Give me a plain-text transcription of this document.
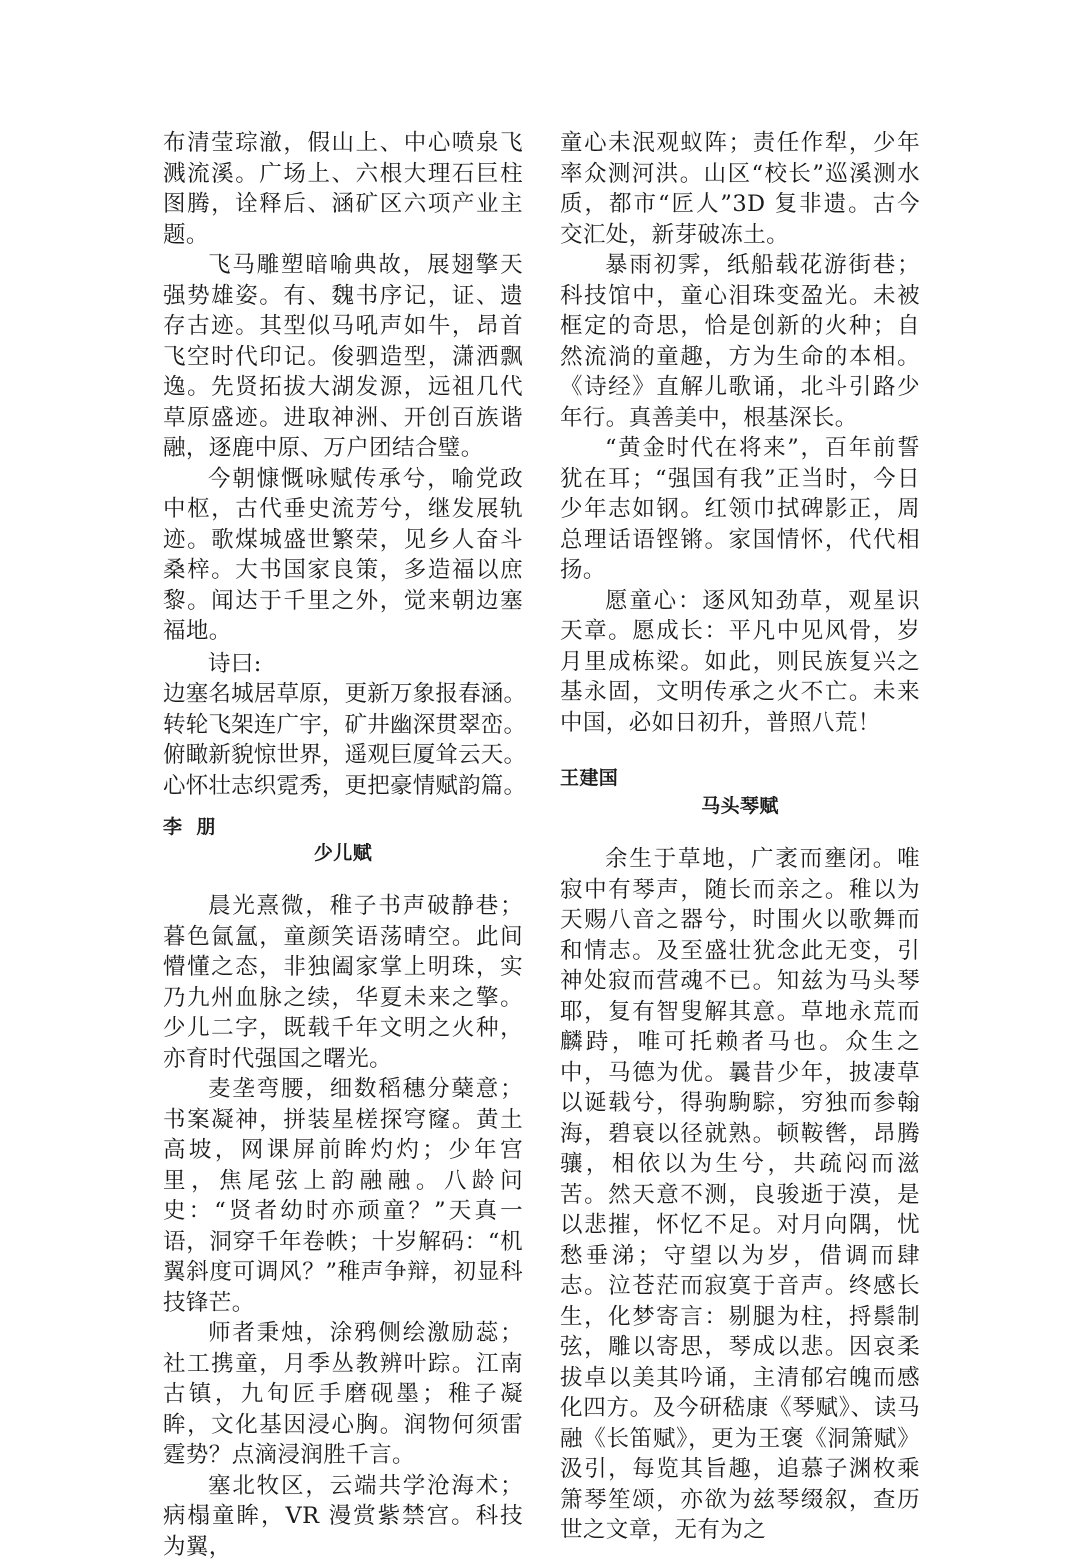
布清莹琮澈，假山上、中心喷泉飞溅流溪。广场上、六根大理石巨柱图腾，诠释后、涵矿区六项产业主题。

飞马雕塑暗喻典故，展翅擎天强势雄姿。有、魏书序记，证、遗存古迹。其型似马吼声如牛，昂首飞空时代印记。俊驷造型，潇洒飘逸。先贤拓拔大湖发源，远祖几代草原盛迹。进取神洲、开创百族谐融，逐鹿中原、万户团结合璧。

今朝慷慨咏赋传承兮，喻党政中枢，古代垂史流芳兮，继发展轨迹。歌煤城盛世繁荣，见乡人奋斗桑梓。大书国家良策，多造福以庶黎。闻达于千里之外，觉来朝边塞福地。

诗曰:

边塞名城居草原，更新万象报春涵。
转轮飞架连广宇，矿井幽深贯翠峦。
俯瞰新貌惊世界，遥观巨厦耸云天。
心怀壮志织霓秀，更把豪情赋韵篇。
李  朋
少儿赋

晨光熹微，稚子书声破静巷；暮色氤氲，童颜笑语荡晴空。此间懵懂之态，非独阖家掌上明珠，实乃九州血脉之续，华夏未来之擎。少儿二字，既载千年文明之火种，亦育时代强国之曙光。

麦垄弯腰，细数稻穗分蘖意；书案凝神，拼装星槎探穹窿。黄土高坡，网课屏前眸灼灼；少年宫里，焦尾弦上韵融融。八龄问史：“贤者幼时亦顽童？”天真一语，洞穿千年卷帙；十岁解码：“机翼斜度可调风？”稚声争辩，初显科技锋芒。

师者秉烛，涂鸦侧绘激励蕊；社工携童，月季丛教辨叶踪。江南古镇，九旬匠手磨砚墨；稚子凝眸，文化基因浸心胸。润物何须雷霆势？点滴浸润胜千言。

塞北牧区，云端共学沧海术；病榻童眸，VR 漫赏紫禁宫。科技为翼，

童心未泯观蚁阵；责任作犁，少年率众测河洪。山区“校长”巡溪测水质，都市“匠人”3D 复非遗。古今交汇处，新芽破冻土。

暴雨初霁，纸船载花游街巷；科技馆中，童心泪珠变盈光。未被框定的奇思，恰是创新的火种；自然流淌的童趣，方为生命的本相。《诗经》直解儿歌诵，北斗引路少年行。真善美中，根基深长。

“黄金时代在将来”，百年前誓犹在耳；“强国有我”正当时，今日少年志如钢。红领巾拭碑影正，周总理话语铿锵。家国情怀，代代相扬。

愿童心：逐风知劲草，观星识天章。愿成长：平凡中见风骨，岁月里成栋梁。如此，则民族复兴之基永固，文明传承之火不亡。未来中国，必如日初升，普照八荒！

王建国
马头琴赋

余生于草地，广袤而壅闭。唯寂中有琴声，随长而亲之。稚以为天赐八音之器兮，时围火以歌舞而和情志。及至盛壮犹念此无变，引神处寂而营魂不已。知兹为马头琴耶，复有智叟解其意。草地永荒而麟跱，唯可托赖者马也。众生之中，马德为优。曩昔少年，披凄草以诞载兮，得驹駒騌，穷独而参翰海，碧衰以径就熟。顿鞍辔，昂腾骧，相依以为生兮，共疏闷而滋苦。然天意不测，良骏逝于漠，是以悲摧，怀忆不足。对月向隅，忧愁垂涕；守望以为岁，借调而肆志。泣苍茫而寂寞于音声。终感长生，化梦寄言：剔腿为柱，捋鬃制弦，雕以寄思，琴成以悲。因哀柔拔卓以美其吟诵，主清郁宕魄而感化四方。及今研嵇康《琴赋》、读马融《长笛赋》，更为王褒《洞箫赋》汲引，每览其旨趣，追慕子渊枚乘箫琴笙颂，亦欲为兹琴缀叙，查历世之文章，无有为之
